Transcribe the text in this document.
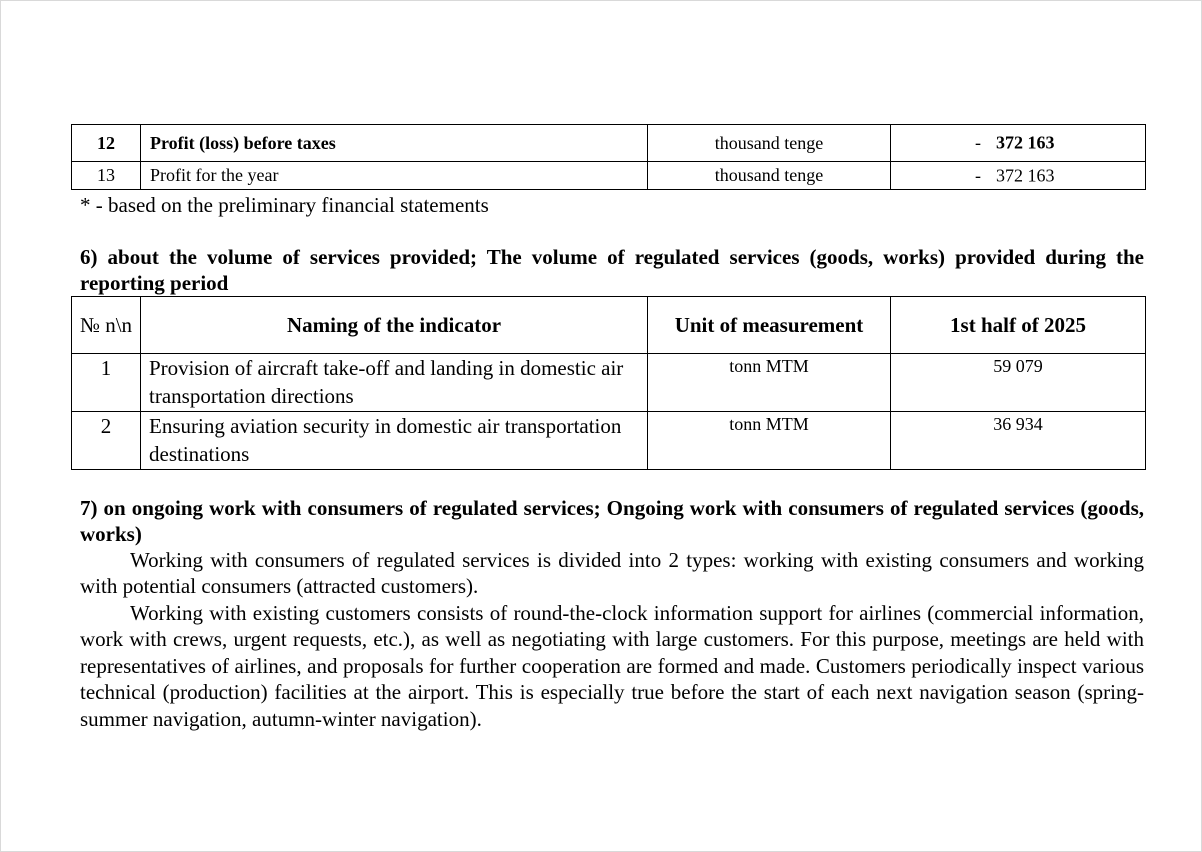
12	Profit (loss) before taxes	thousand tenge	- 372 163

13	Profit for the year	thousand tenge	- 372 163
* - based on the preliminary financial statements
6) about the volume of services provided; The volume of regulated services (goods, works) provided during the reporting period
№ n\n	Naming of the indicator	Unit of measurement	1st half of 2025
1	Provision of aircraft take-off and landing in domestic air transportation directions	tonn MTM	59 079
2	Ensuring aviation security in domestic air transportation destinations	tonn MTM	36 934
7) on ongoing work with consumers of regulated services; Ongoing work with consumers of regulated services (goods, works)

Working with consumers of regulated services is divided into 2 types: working with existing consumers and working with potential consumers (attracted customers).

Working with existing customers consists of round-the-clock information support for airlines (commercial information, work with crews, urgent requests, etc.), as well as negotiating with large customers. For this purpose, meetings are held with representatives of airlines, and proposals for further cooperation are formed and made. Customers periodically inspect various technical (production) facilities at the airport. This is especially true before the start of each next navigation season (spring-summer navigation, autumn-winter navigation).
